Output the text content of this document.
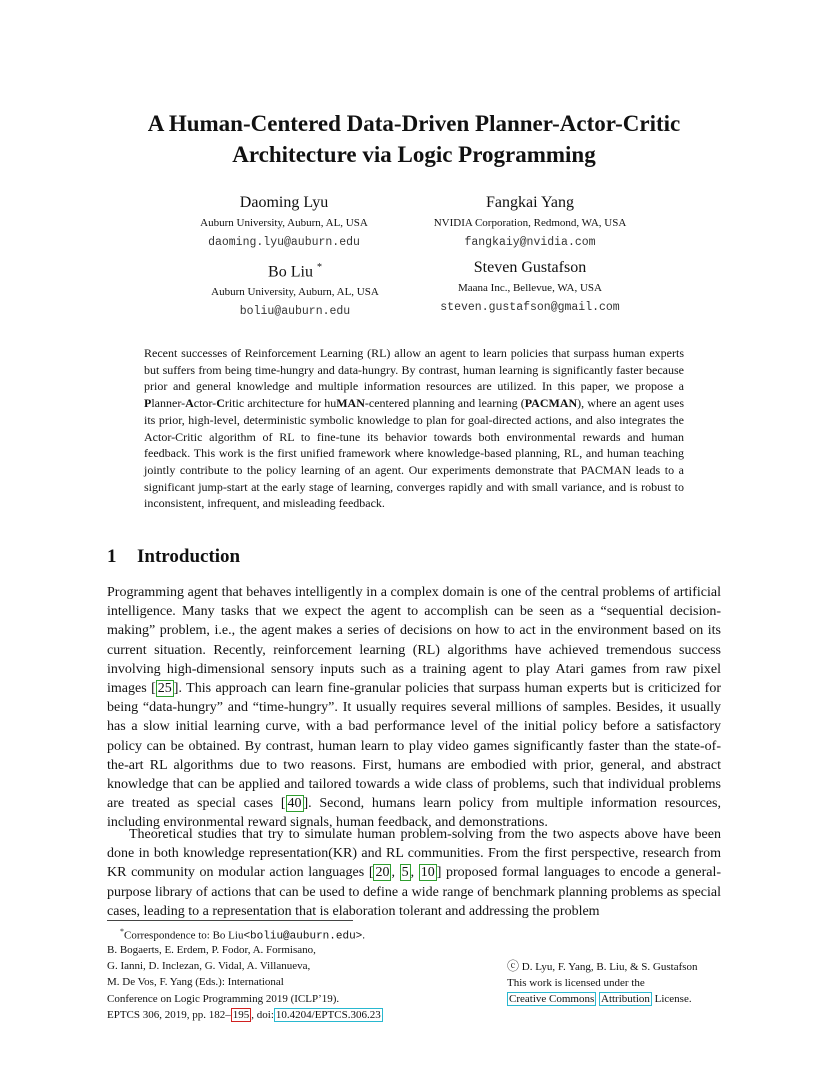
A Human-Centered Data-Driven Planner-Actor-Critic
Architecture via Logic Programming
Daoming Lyu
Auburn University, Auburn, AL, USA
daoming.lyu@auburn.edu
Fangkai Yang
NVIDIA Corporation, Redmond, WA, USA
fangkaiy@nvidia.com
Bo Liu *
Auburn University, Auburn, AL, USA
boliu@auburn.edu
Steven Gustafson
Maana Inc., Bellevue, WA, USA
steven.gustafson@gmail.com
Recent successes of Reinforcement Learning (RL) allow an agent to learn policies that surpass human experts but suffers from being time-hungry and data-hungry. By contrast, human learning is significantly faster because prior and general knowledge and multiple information resources are utilized. In this paper, we propose a Planner-Actor-Critic architecture for huMAN-centered planning and learning (PACMAN), where an agent uses its prior, high-level, deterministic symbolic knowledge to plan for goal-directed actions, and also integrates the Actor-Critic algorithm of RL to fine-tune its behavior towards both environmental rewards and human feedback. This work is the first unified framework where knowledge-based planning, RL, and human teaching jointly contribute to the policy learning of an agent. Our experiments demonstrate that PACMAN leads to a significant jump-start at the early stage of learning, converges rapidly and with small variance, and is robust to inconsistent, infrequent, and misleading feedback.
1 Introduction
Programming agent that behaves intelligently in a complex domain is one of the central problems of artificial intelligence. Many tasks that we expect the agent to accomplish can be seen as a “sequential decision-making” problem, i.e., the agent makes a series of decisions on how to act in the environment based on its current situation. Recently, reinforcement learning (RL) algorithms have achieved tremendous success involving high-dimensional sensory inputs such as a training agent to play Atari games from raw pixel images [ 25 ]. This approach can learn fine-granular policies that surpass human experts but is criticized for being “data-hungry” and “time-hungry”. It usually requires several millions of samples. Besides, it usually has a slow initial learning curve, with a bad performance level of the initial policy before a satisfactory policy can be obtained. By contrast, human learn to play video games significantly faster than the state-of-the-art RL algorithms due to two reasons. First, humans are embodied with prior, general, and abstract knowledge that can be applied and tailored towards a wide class of problems, such that individual problems are treated as special cases [ 40 ]. Second, humans learn policy from multiple information resources, including environmental reward signals, human feedback, and demonstrations.
Theoretical studies that try to simulate human problem-solving from the two aspects above have been done in both knowledge representation(KR) and RL communities. From the first perspective, research from KR community on modular action languages [ 20 , 5 , 10 ] proposed formal languages to encode a general-purpose library of actions that can be used to define a wide range of benchmark planning problems as special cases, leading to a representation that is elaboration tolerant and addressing the problem
*Correspondence to: Bo Liu<boliu@auburn.edu>.
B. Bogaerts, E. Erdem, P. Fodor, A. Formisano,
G. Ianni, D. Inclezan, G. Vidal, A. Villanueva,
M. De Vos, F. Yang (Eds.): International
Conference on Logic Programming 2019 (ICLP’19).
EPTCS 306, 2019, pp. 182– 195 , doi: 10.4204/EPTCS.306.23
ⓒ D. Lyu, F. Yang, B. Liu, & S. Gustafson
This work is licensed under the
Creative Commons Attribution License.
